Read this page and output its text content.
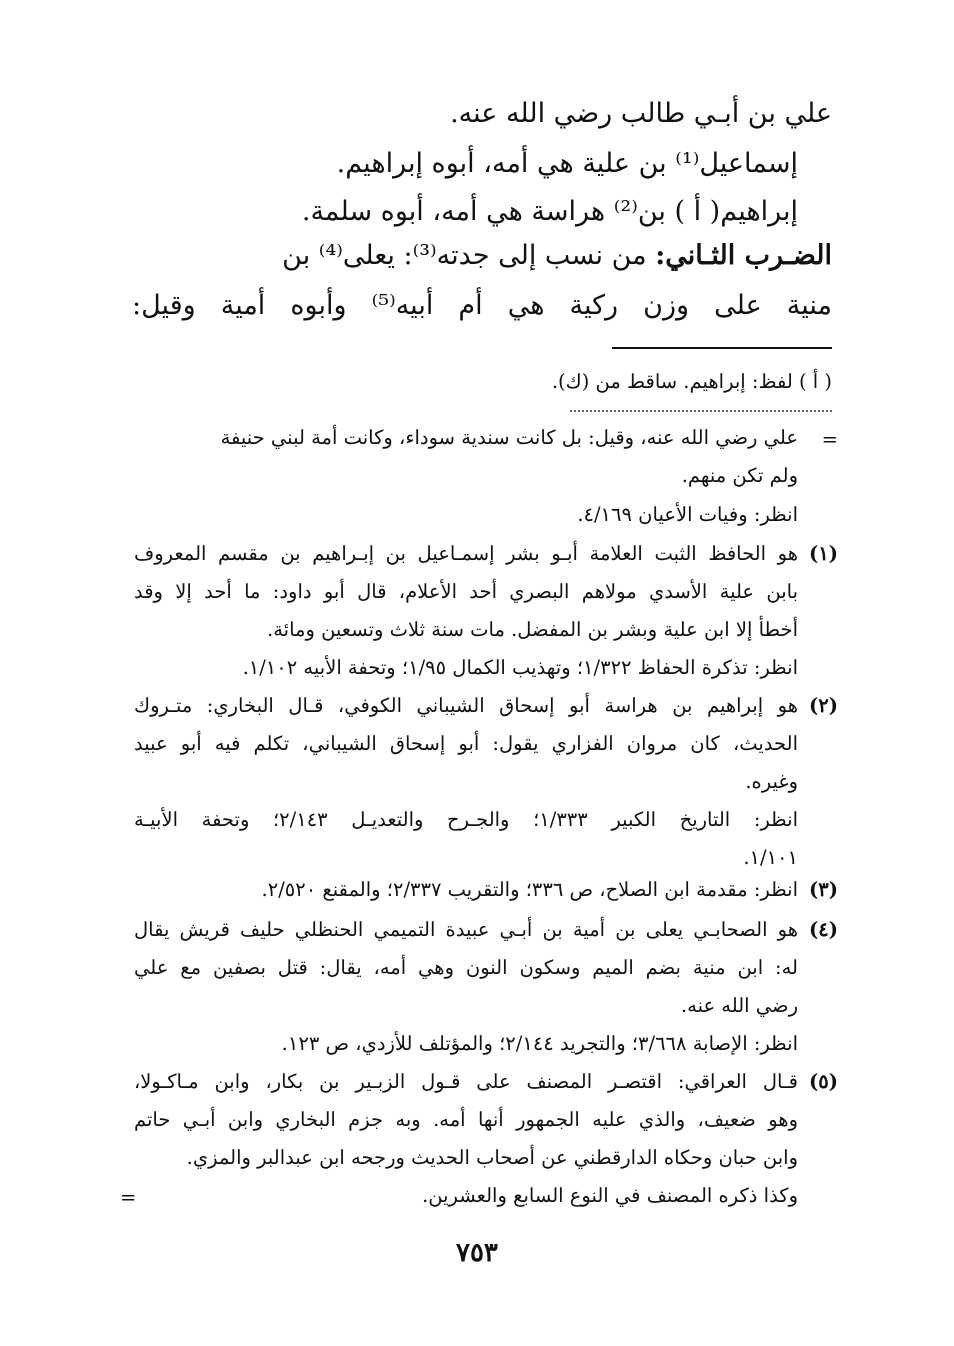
علي بن أبـي طالب رضي الله عنه.
إسماعيل⁽¹⁾ بن علية هي أمه، أبوه إبراهيم.
إبراهيم( أ ) بن⁽²⁾ هراسة هي أمه، أبوه سلمة.
الضـرب الثـاني: من نسب إلى جدته⁽³⁾: يعلى⁽⁴⁾ بن
منية على وزن ركية هي أم أبيه⁽⁵⁾ وأبوه أمية وقيل:
( أ ) لفظ: إبراهيم. ساقط من (ك).
=
علي رضي الله عنه، وقيل: بل كانت سندية سوداء، وكانت أمة لبني حنيفة
ولم تكن منهم.
انظر: وفيات الأعيان ٤/١٦٩.
(١)
هو الحافظ الثبت العلامة أبـو بشر إسمـاعيل بن إبـراهيم بن مقسم المعروف
بابن علية الأسدي مولاهم البصري أحد الأعلام، قال أبو داود: ما أحد إلا وقد
أخطأ إلا ابن علية وبشر بن المفضل. مات سنة ثلاث وتسعين ومائة.
انظر: تذكرة الحفاظ ١/٣٢٢؛ وتهذيب الكمال ١/٩٥؛ وتحفة الأبيه ١/١٠٢.
(٢)
هو إبراهيم بن هراسة أبو إسحاق الشيباني الكوفي، قـال البخاري: متـروك
الحديث، كان مروان الفزاري يقول: أبو إسحاق الشيباني، تكلم فيه أبو عبيد
وغيره.
انظر: التاريخ الكبير ١/٣٣٣؛ والجـرح والتعديـل ٢/١٤٣؛ وتحفة الأبيـة
١/١٠١.
(٣)
انظر: مقدمة ابن الصلاح، ص ٣٣٦؛ والتقريب ٢/٣٣٧؛ والمقنع ٢/٥٢٠.
(٤)
هو الصحابـي يعلى بن أمية بن أبـي عبيدة التميمي الحنظلي حليف قريش يقال
له: ابن منية بضم الميم وسكون النون وهي أمه، يقال: قتل بصفين مع علي
رضي الله عنه.
انظر: الإصابة ٣/٦٦٨؛ والتجريد ٢/١٤٤؛ والمؤتلف للأزدي، ص ١٢٣.
(٥)
قـال العراقي: اقتصـر المصنف على قـول الزبـير بن بكار، وابن مـاكـولا،
وهو ضعيف، والذي عليه الجمهور أنها أمه. وبه جزم البخاري وابن أبـي حاتم
وابن حبان وحكاه الدارقطني عن أصحاب الحديث ورجحه ابن عبدالبر والمزي.
وكذا ذكره المصنف في النوع السابع والعشرين.
=
٧٥٣
